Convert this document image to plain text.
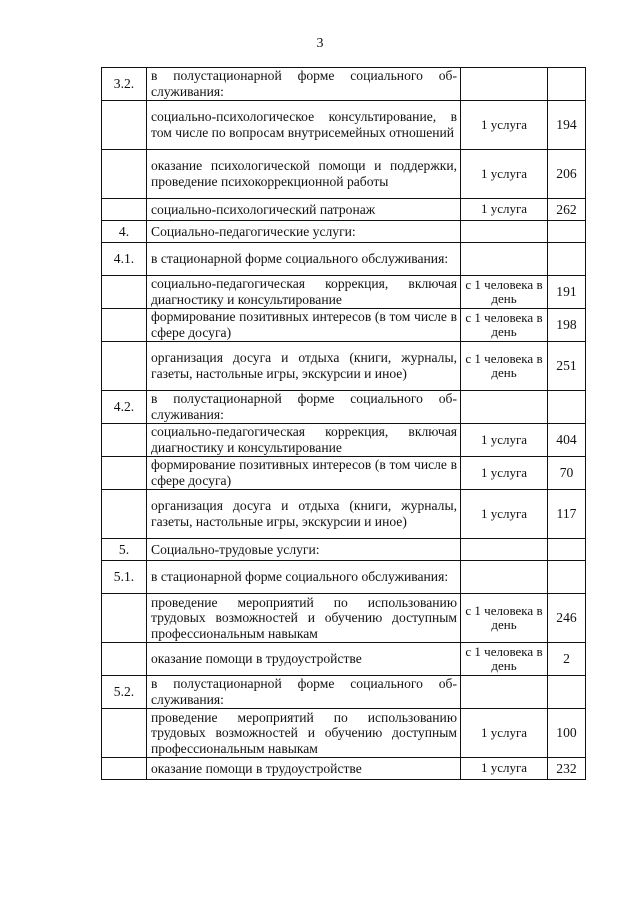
3
3.2.	в полустационарной форме социального обслуживания:		
	социально-психологическое консультирование, в том числе по вопросам внутрисемейных отношений	1 услуга	194
	оказание психологической помощи и поддержки, проведение психокоррекционной работы	1 услуга	206
	социально-психологический патронаж	1 услуга	262
4.	Социально-педагогические услуги:		
4.1.	в стационарной форме социального обслуживания:		
	социально-педагогическая коррекция, включая диагностику и консультирование	с 1 человека в день	191
	формирование позитивных интересов (в том числе в сфере досуга)	с 1 человека в день	198
	организация досуга и отдыха (книги, журналы, газеты, настольные игры, экскурсии и иное)	с 1 человека в день	251
4.2.	в полустационарной форме социального обслуживания:		
	социально-педагогическая коррекция, включая диагностику и консультирование	1 услуга	404
	формирование позитивных интересов (в том числе в сфере досуга)	1 услуга	70
	организация досуга и отдыха (книги, журналы, газеты, настольные игры, экскурсии и иное)	1 услуга	117
5.	Социально-трудовые услуги:		
5.1.	в стационарной форме социального обслуживания:		
	проведение мероприятий по использованию трудовых возможностей и обучению доступным профессиональным навыкам	с 1 человека в день	246
	оказание помощи в трудоустройстве	с 1 человека в день	2
5.2.	в полустационарной форме социального обслуживания:		
	проведение мероприятий по использованию трудовых возможностей и обучению доступным профессиональным навыкам	1 услуга	100
	оказание помощи в трудоустройстве	1 услуга	232
